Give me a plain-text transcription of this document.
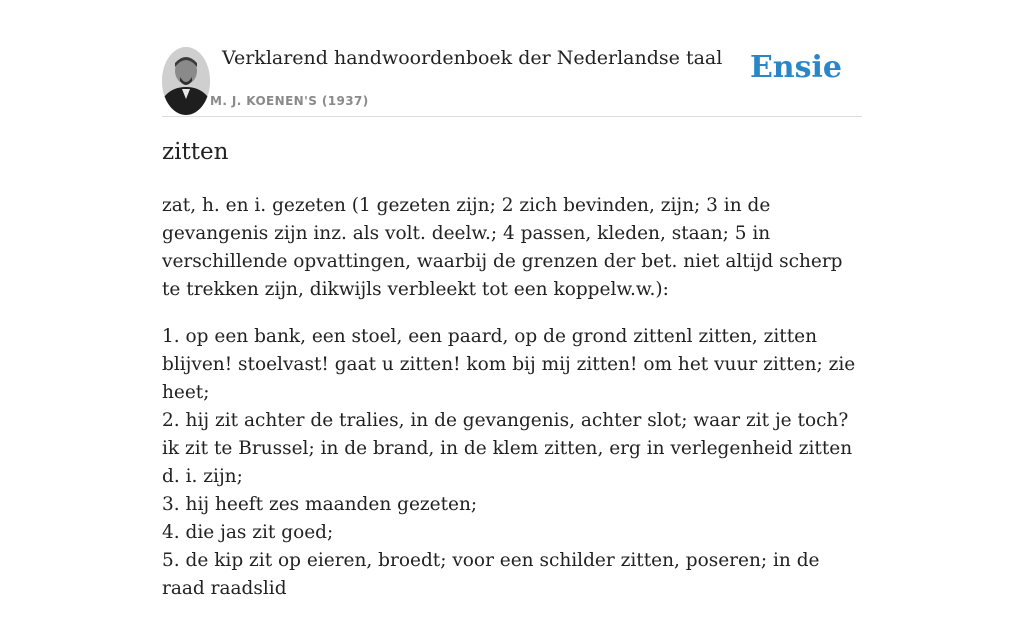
Verklarend handwoordenboek der Nederlandse taal
M. J. KOENEN'S (1937)
Ensie
zitten

zat, h. en i. gezeten (1 gezeten zijn; 2 zich bevinden, zijn; 3 in de gevangenis zijn inz. als volt. deelw.; 4 passen, kleden, staan; 5 in verschillende opvattingen, waarbij de grenzen der bet. niet altijd scherp te trekken zijn, dikwijls verbleekt tot een koppelw.w.):

1. op een bank, een stoel, een paard, op de grond zittenl zitten, zitten blijven! stoelvast! gaat u zitten! kom bij mij zitten! om het vuur zitten; zie heet;
2. hij zit achter de tralies, in de gevangenis, achter slot; waar zit je toch? ik zit te Brussel; in de brand, in de klem zitten, erg in verlegenheid zitten d. i. zijn;
3. hij heeft zes maanden gezeten;
4. die jas zit goed;
5. de kip zit op eieren, broedt; voor een schilder zitten, poseren; in de raad raadslid
